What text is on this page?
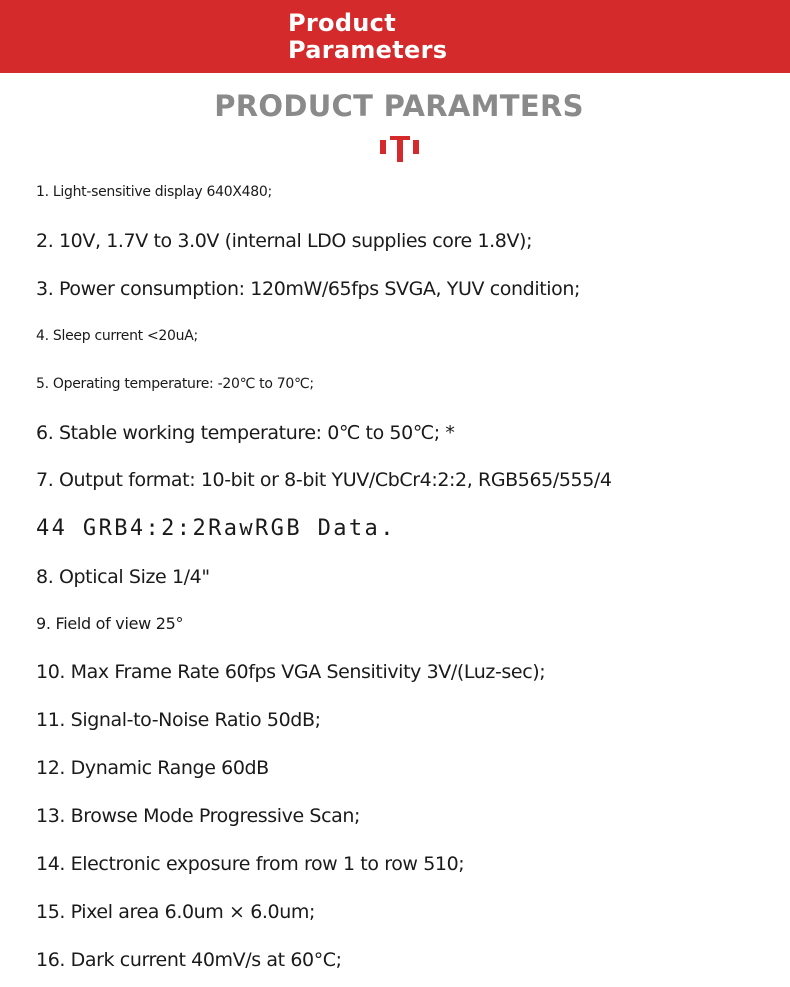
Product
Parameters
PRODUCT PARAMTERS
1. Light-sensitive display 640X480;
2. 10V, 1.7V to 3.0V (internal LDO supplies core 1.8V);
3. Power consumption: 120mW/65fps SVGA, YUV condition;
4. Sleep current <20uA;
5. Operating temperature: -20℃ to 70℃;
6. Stable working temperature: 0℃ to 50℃; *
7. Output format: 10-bit or 8-bit YUV/CbCr4:2:2, RGB565/555/4
44 GRB4:2:2RawRGB Data.
8. Optical Size 1/4"
9. Field of view 25°
10. Max Frame Rate 60fps VGA Sensitivity 3V/(Luz-sec);
11. Signal-to-Noise Ratio 50dB;
12. Dynamic Range 60dB
13. Browse Mode Progressive Scan;
14. Electronic exposure from row 1 to row 510;
15. Pixel area 6.0um × 6.0um;
16. Dark current 40mV/s at 60°C;
